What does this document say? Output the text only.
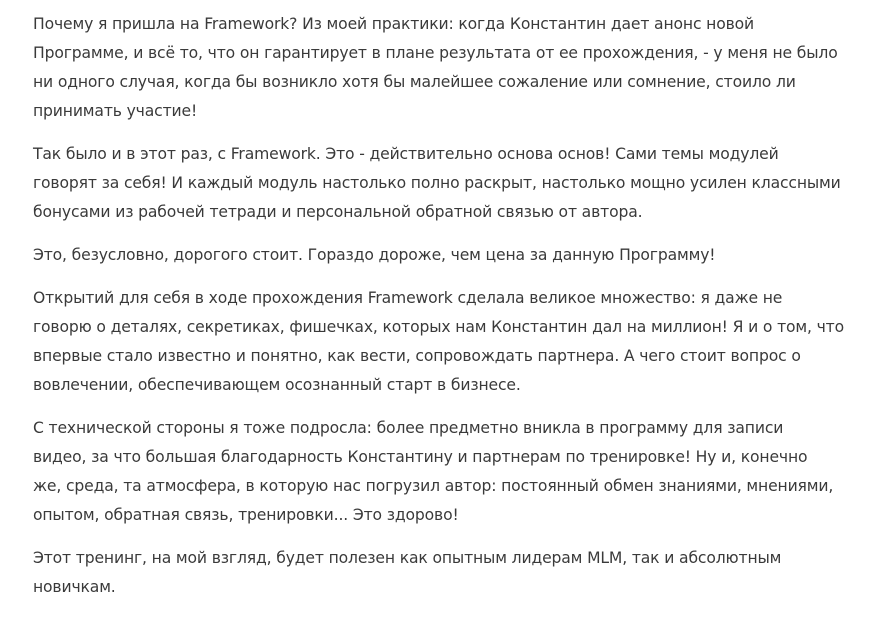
Почему я пришла на Framework? Из моей практики: когда Константин дает анонс новой
Программе, и всё то, что он гарантирует в плане результата от ее прохождения, - у меня не было
ни одного случая, когда бы возникло хотя бы малейшее сожаление или сомнение, стоило ли
принимать участие!

Так было и в этот раз, с Framework. Это - действительно основа основ! Сами темы модулей
говорят за себя! И каждый модуль настолько полно раскрыт, настолько мощно усилен классными
бонусами из рабочей тетради и персональной обратной связью от автора.

Это, безусловно, дорогого стоит. Гораздо дороже, чем цена за данную Программу!

Открытий для себя в ходе прохождения Framework сделала великое множество: я даже не
говорю о деталях, секретиках, фишечках, которых нам Константин дал на миллион! Я и о том, что
впервые стало известно и понятно, как вести, сопровождать партнера. А чего стоит вопрос о
вовлечении, обеспечивающем осознанный старт в бизнесе.

С технической стороны я тоже подросла: более предметно вникла в программу для записи
видео, за что большая благодарность Константину и партнерам по тренировке! Ну и, конечно
же, среда, та атмосфера, в которую нас погрузил автор: постоянный обмен знаниями, мнениями,
опытом, обратная связь, тренировки... Это здорово!

Этот тренинг, на мой взгляд, будет полезен как опытным лидерам MLM, так и абсолютным
новичкам.
